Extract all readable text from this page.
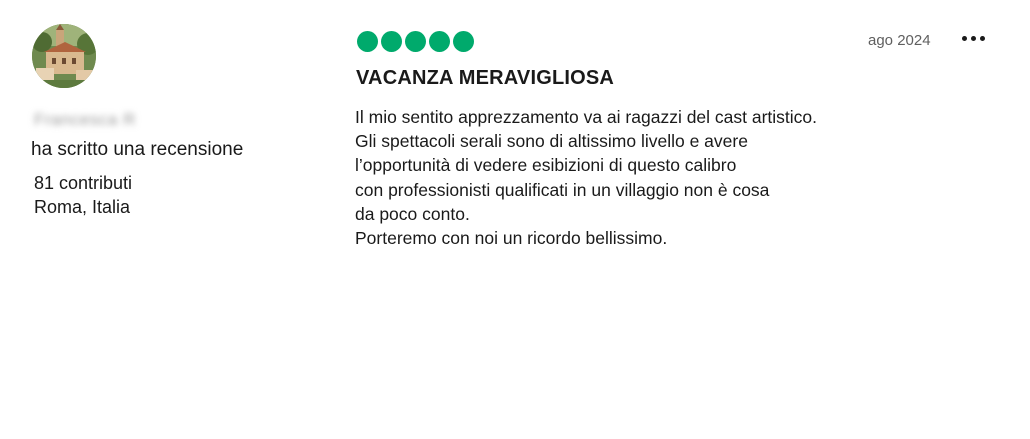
Francesca R
ha scritto una recensione
81 contributi
Roma, Italia
ago 2024
VACANZA MERAVIGLIOSA
Il mio sentito apprezzamento va ai ragazzi del cast artistico.
Gli spettacoli serali sono di altissimo livello e avere
l’opportunità di vedere esibizioni di questo calibro
con professionisti qualificati in un villaggio non è cosa
da poco conto.
Porteremo con noi un ricordo bellissimo.
